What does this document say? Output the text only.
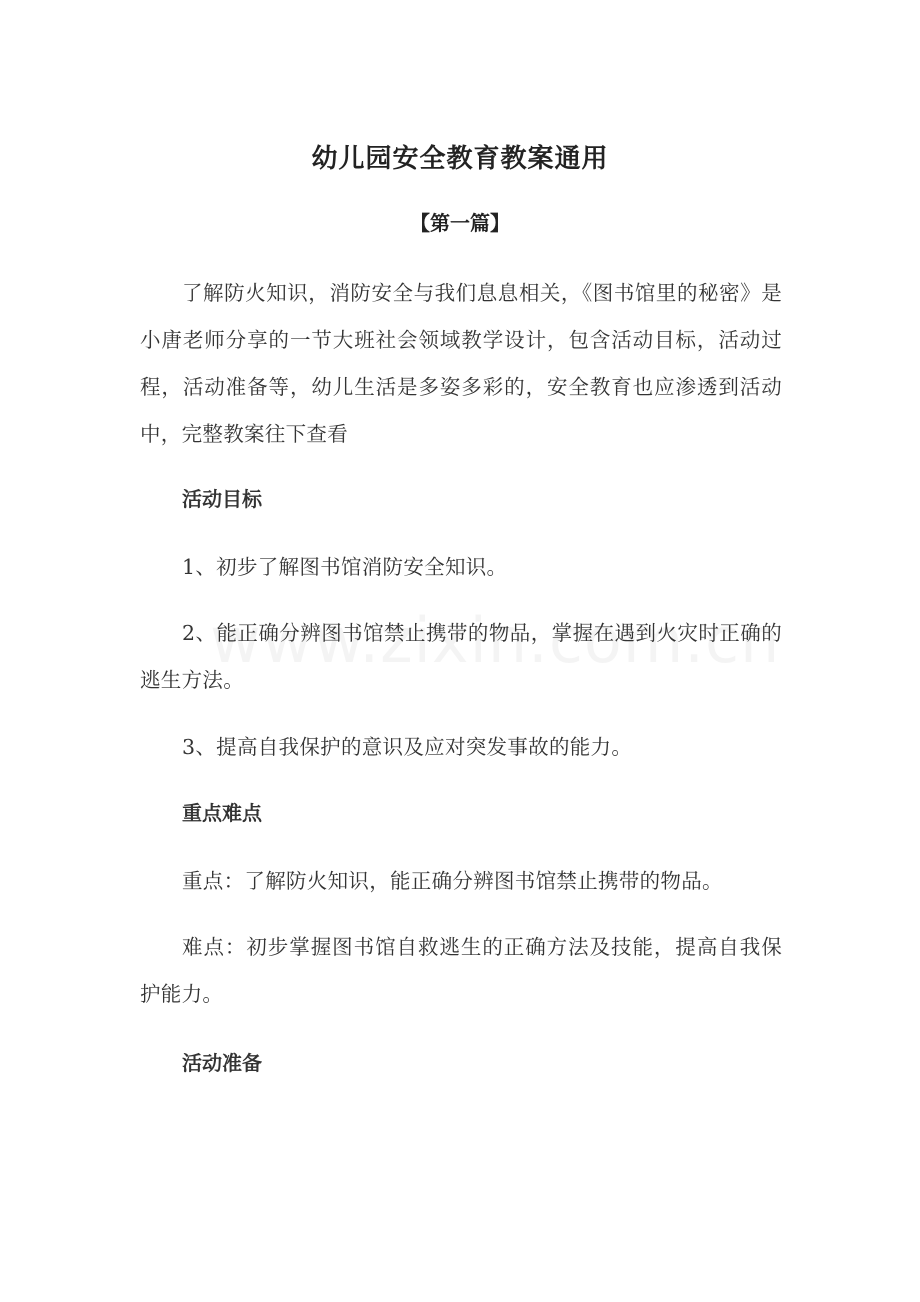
幼儿园安全教育教案通用
【第一篇】

了解防火知识，消防安全与我们息息相关，《图书馆里的秘密》是小唐老师分享的一节大班社会领域教学设计，包含活动目标，活动过程，活动准备等，幼儿生活是多姿多彩的，安全教育也应渗透到活动中，完整教案往下查看

活动目标

1、初步了解图书馆消防安全知识。

2、能正确分辨图书馆禁止携带的物品，掌握在遇到火灾时正确的逃生方法。

3、提高自我保护的意识及应对突发事故的能力。

重点难点

重点：了解防火知识，能正确分辨图书馆禁止携带的物品。

难点：初步掌握图书馆自救逃生的正确方法及技能，提高自我保护能力。

活动准备
